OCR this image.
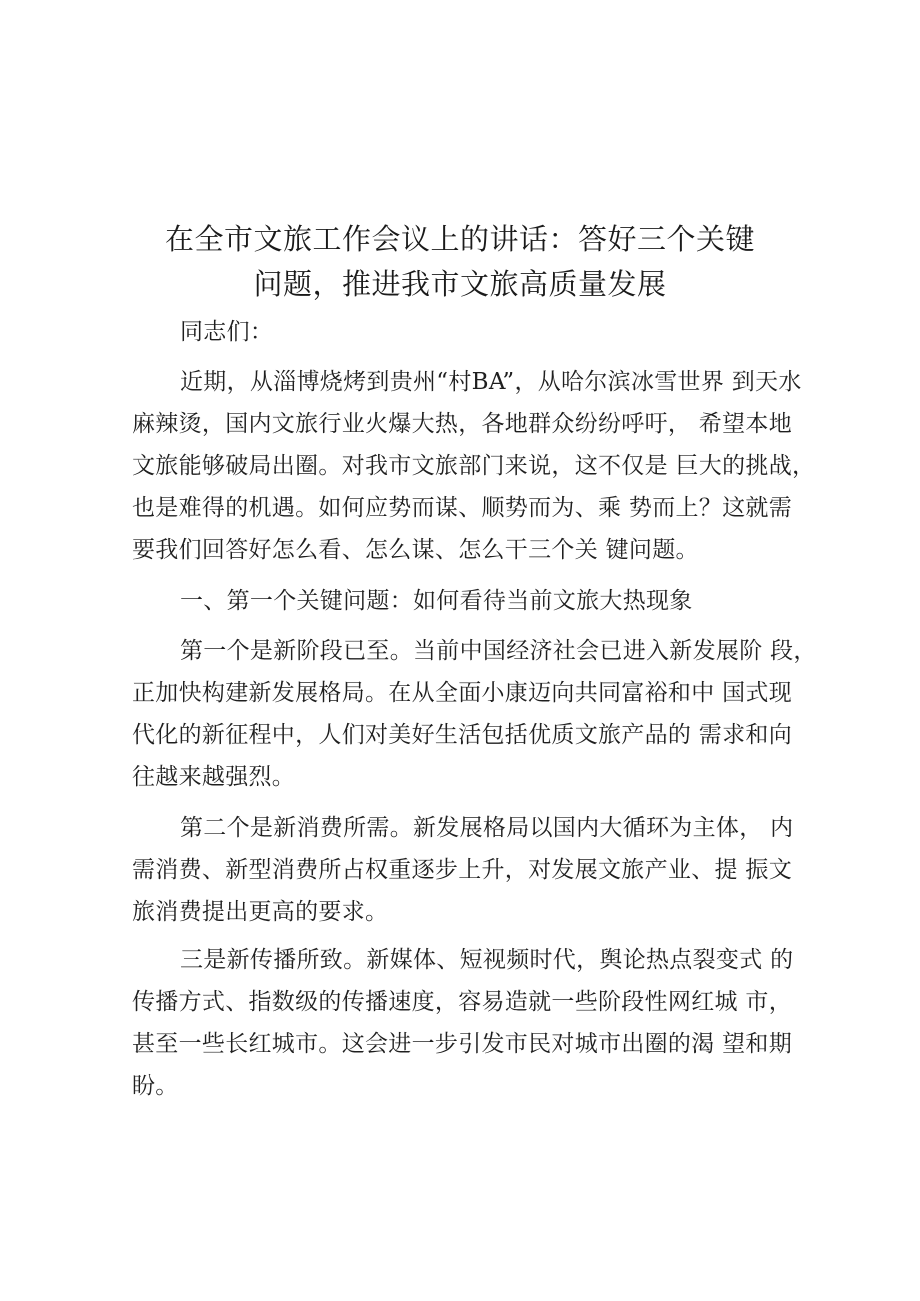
在全市文旅工作会议上的讲话：答好三个关键
问题，推进我市文旅高质量发展
同志们：
近期，从淄博烧烤到贵州“村BA”，从哈尔滨冰雪世界 到天水
麻辣烫，国内文旅行业火爆大热，各地群众纷纷呼吁， 希望本地
文旅能够破局出圈。对我市文旅部门来说，这不仅是 巨大的挑战，
也是难得的机遇。如何应势而谋、顺势而为、乘 势而上？这就需
要我们回答好怎么看、怎么谋、怎么干三个关 键问题。
一、第一个关键问题：如何看待当前文旅大热现象
第一个是新阶段已至。当前中国经济社会已进入新发展阶 段，
正加快构建新发展格局。在从全面小康迈向共同富裕和中 国式现
代化的新征程中，人们对美好生活包括优质文旅产品的 需求和向
往越来越强烈。
第二个是新消费所需。新发展格局以国内大循环为主体， 内
需消费、新型消费所占权重逐步上升，对发展文旅产业、提 振文
旅消费提出更高的要求。
三是新传播所致。新媒体、短视频时代，舆论热点裂变式 的
传播方式、指数级的传播速度，容易造就一些阶段性网红城 市，
甚至一些长红城市。这会进一步引发市民对城市出圈的渴 望和期
盼。
